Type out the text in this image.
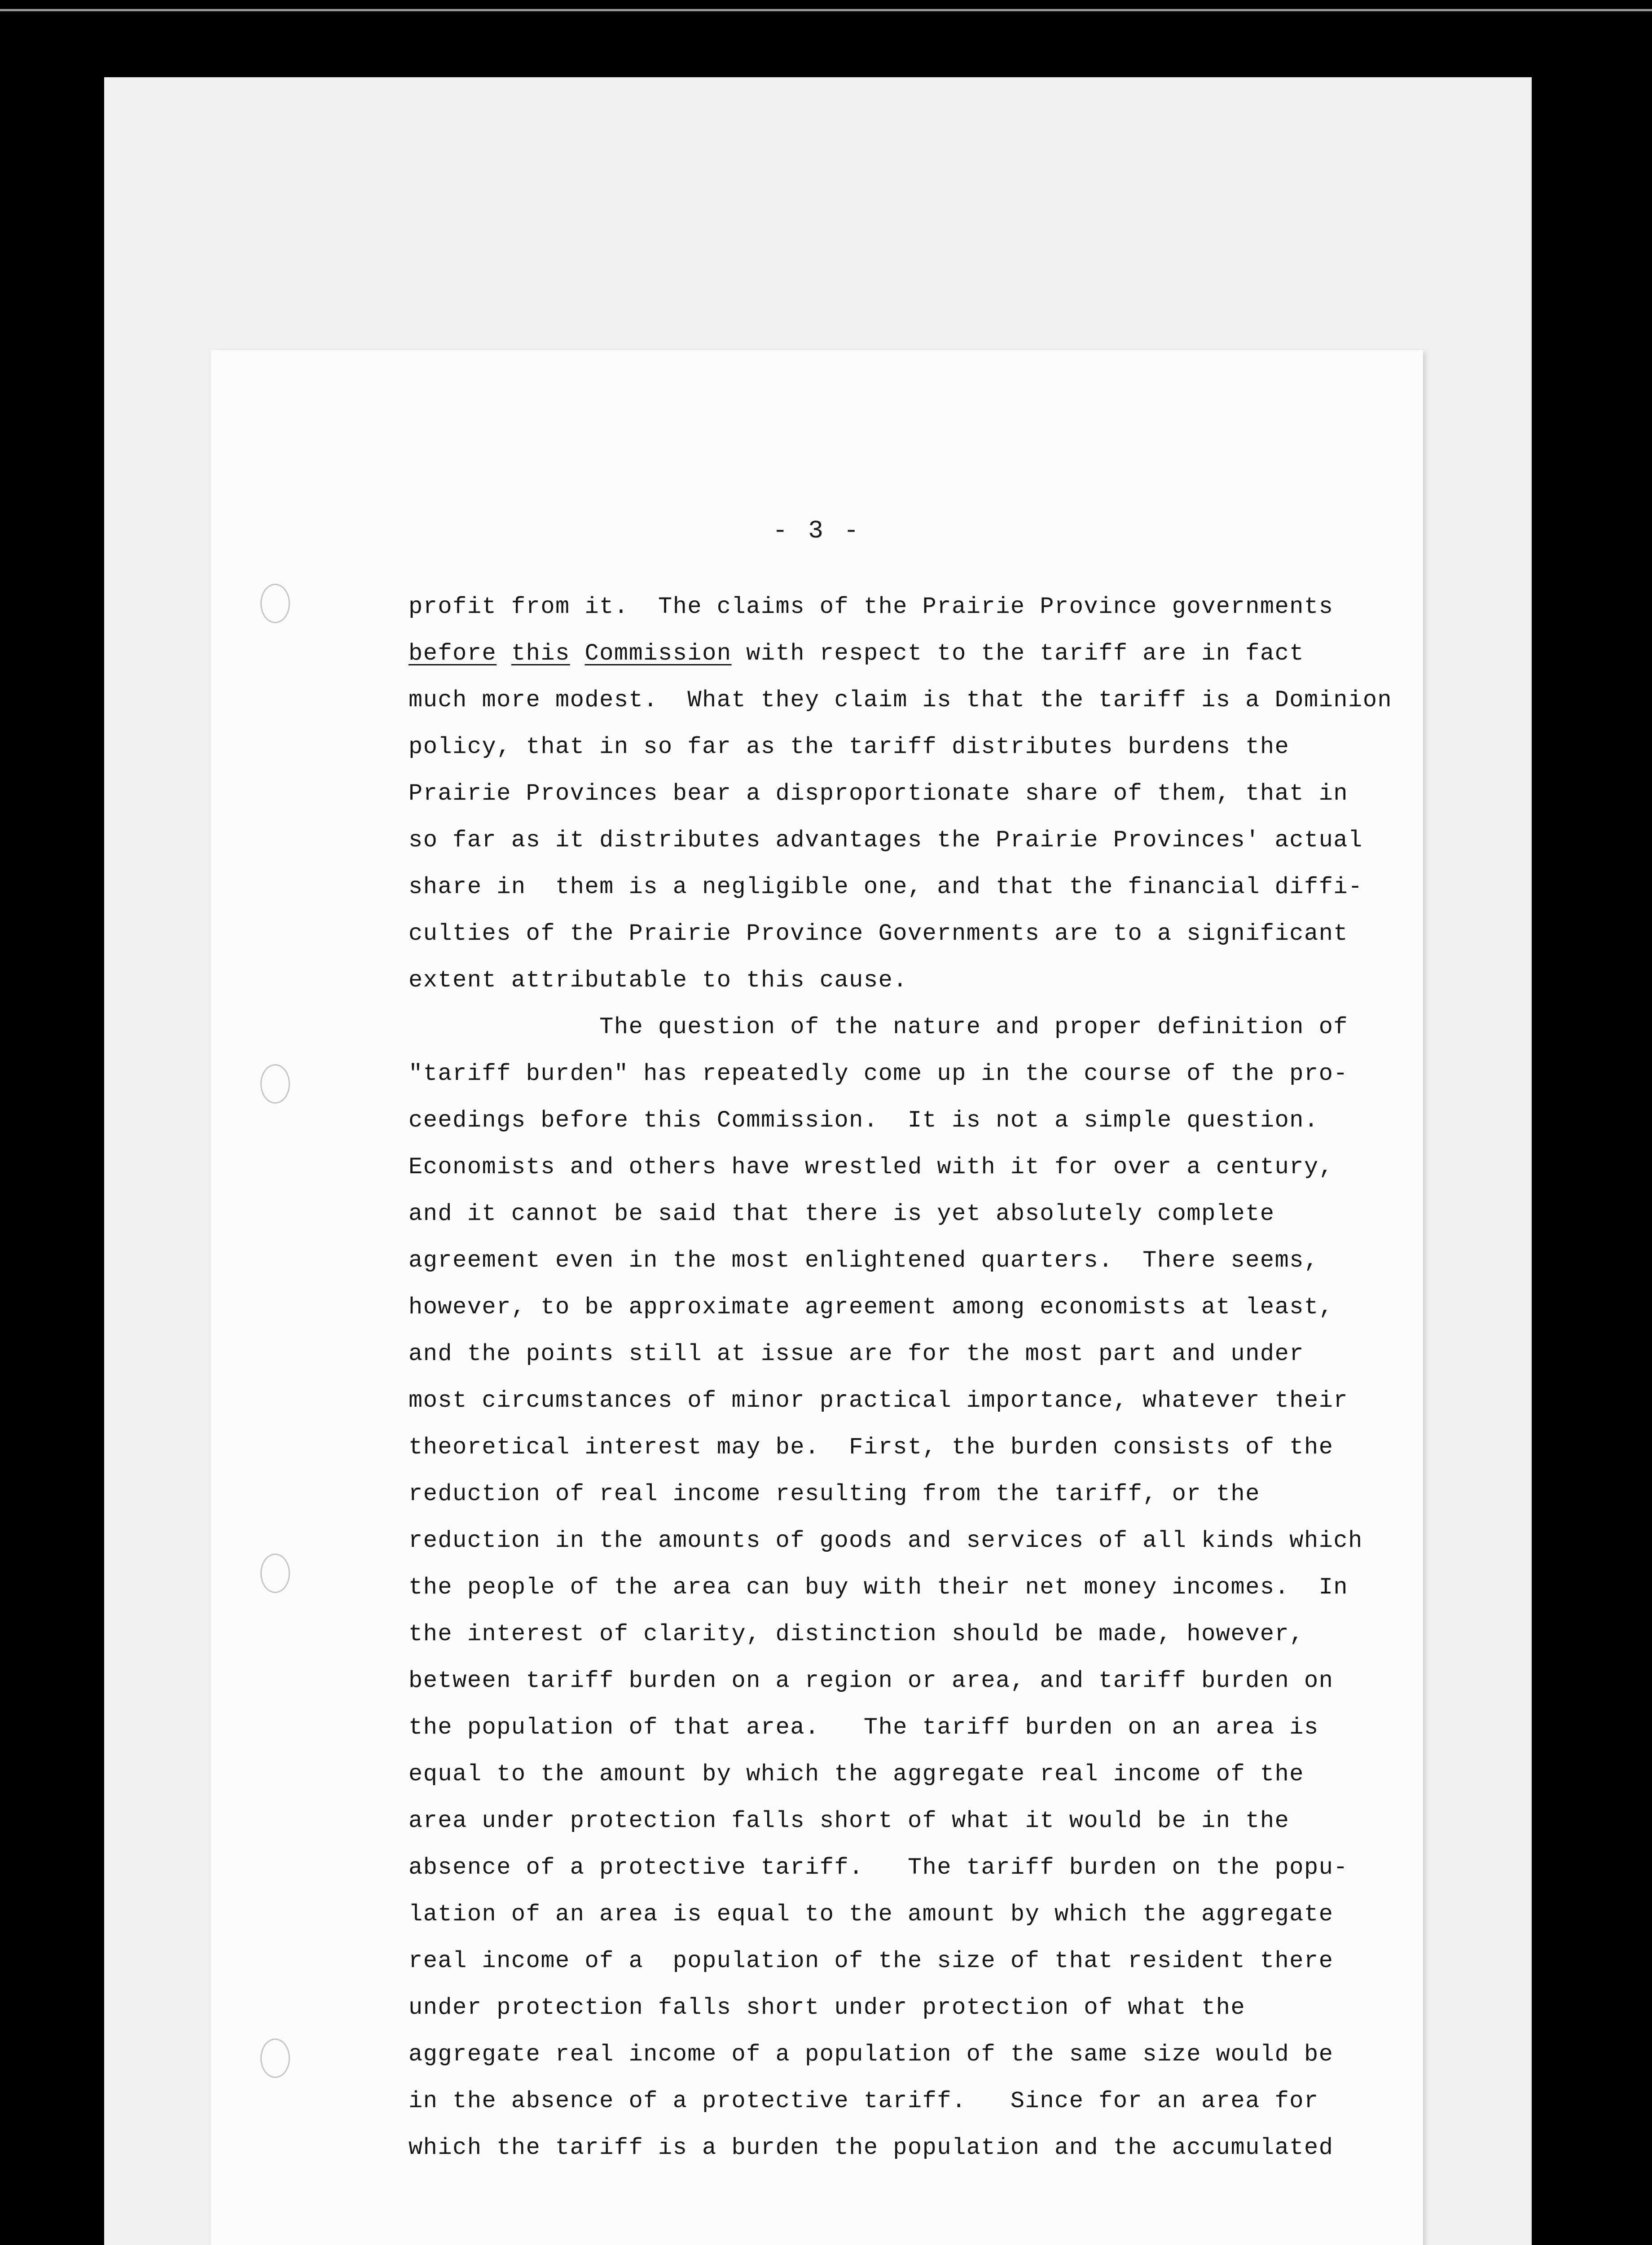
- 3 -
profit from it.  The claims of the Prairie Province governments
before this Commission with respect to the tariff are in fact
much more modest.  What they claim is that the tariff is a Dominion
policy, that in so far as the tariff distributes burdens the
Prairie Provinces bear a disproportionate share of them, that in
so far as it distributes advantages the Prairie Provinces' actual
share in  them is a negligible one, and that the financial diffi-
culties of the Prairie Province Governments are to a significant
extent attributable to this cause.
The question of the nature and proper definition of
"tariff burden" has repeatedly come up in the course of the pro-
ceedings before this Commission.  It is not a simple question.
Economists and others have wrestled with it for over a century,
and it cannot be said that there is yet absolutely complete
agreement even in the most enlightened quarters.  There seems,
however, to be approximate agreement among economists at least,
and the points still at issue are for the most part and under
most circumstances of minor practical importance, whatever their
theoretical interest may be.  First, the burden consists of the
reduction of real income resulting from the tariff, or the
reduction in the amounts of goods and services of all kinds which
the people of the area can buy with their net money incomes.  In
the interest of clarity, distinction should be made, however,
between tariff burden on a region or area, and tariff burden on
the population of that area.   The tariff burden on an area is
equal to the amount by which the aggregate real income of the
area under protection falls short of what it would be in the
absence of a protective tariff.   The tariff burden on the popu-
lation of an area is equal to the amount by which the aggregate
real income of a  population of the size of that resident there
under protection falls short under protection of what the
aggregate real income of a population of the same size would be
in the absence of a protective tariff.   Since for an area for
which the tariff is a burden the population and the accumulated
